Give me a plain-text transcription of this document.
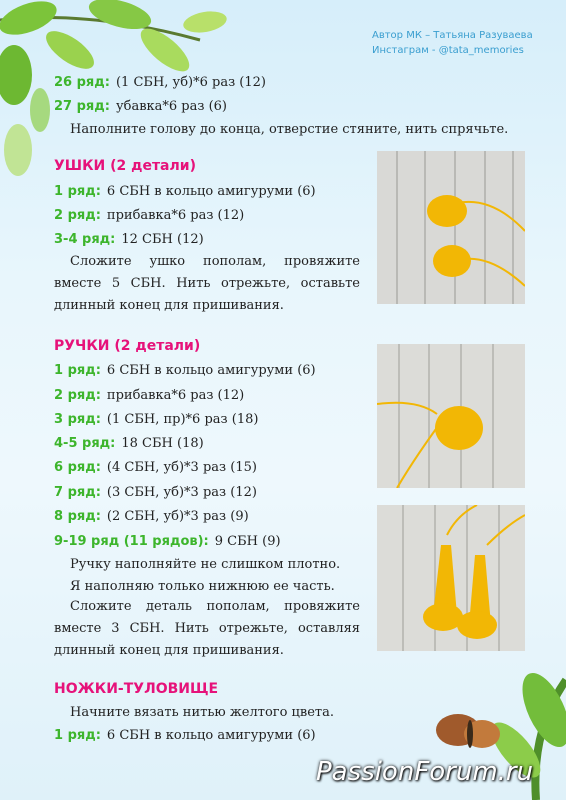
Автор МК – Татьяна Разуваева
Инстаграм - @tata_memories
26 ряд: (1 СБН, уб)*6 раз (12)
27 ряд: убавка*6 раз (6)
Наполните голову до конца, отверстие стяните, нить спрячьте.
УШКИ (2 детали)
1 ряд: 6 СБН в кольцо амигуруми (6)
2 ряд: прибавка*6 раз (12)
3-4 ряд: 12 СБН (12)
Сложите ушко пополам, провяжите вместе 5 СБН. Нить отрежьте, оставьте длинный конец для пришивания.
РУЧКИ (2 детали)
1 ряд: 6 СБН в кольцо амигуруми (6)
2 ряд: прибавка*6 раз (12)
3 ряд: (1 СБН, пр)*6 раз (18)
4-5 ряд: 18 СБН (18)
6 ряд: (4 СБН, уб)*3 раз (15)
7 ряд: (3 СБН, уб)*3 раз (12)
8 ряд: (2 СБН, уб)*3 раз (9)
9-19 ряд (11 рядов): 9 СБН (9)
Ручку наполняйте не слишком плотно.
Я наполняю только нижнюю ее часть.
Сложите деталь пополам, провяжите вместе 3 СБН. Нить отрежьте, оставляя длинный конец для пришивания.
НОЖКИ-ТУЛОВИЩЕ
Начните вязать нитью желтого цвета.
1 ряд: 6 СБН в кольцо амигуруми (6)
PassionForum.ru
